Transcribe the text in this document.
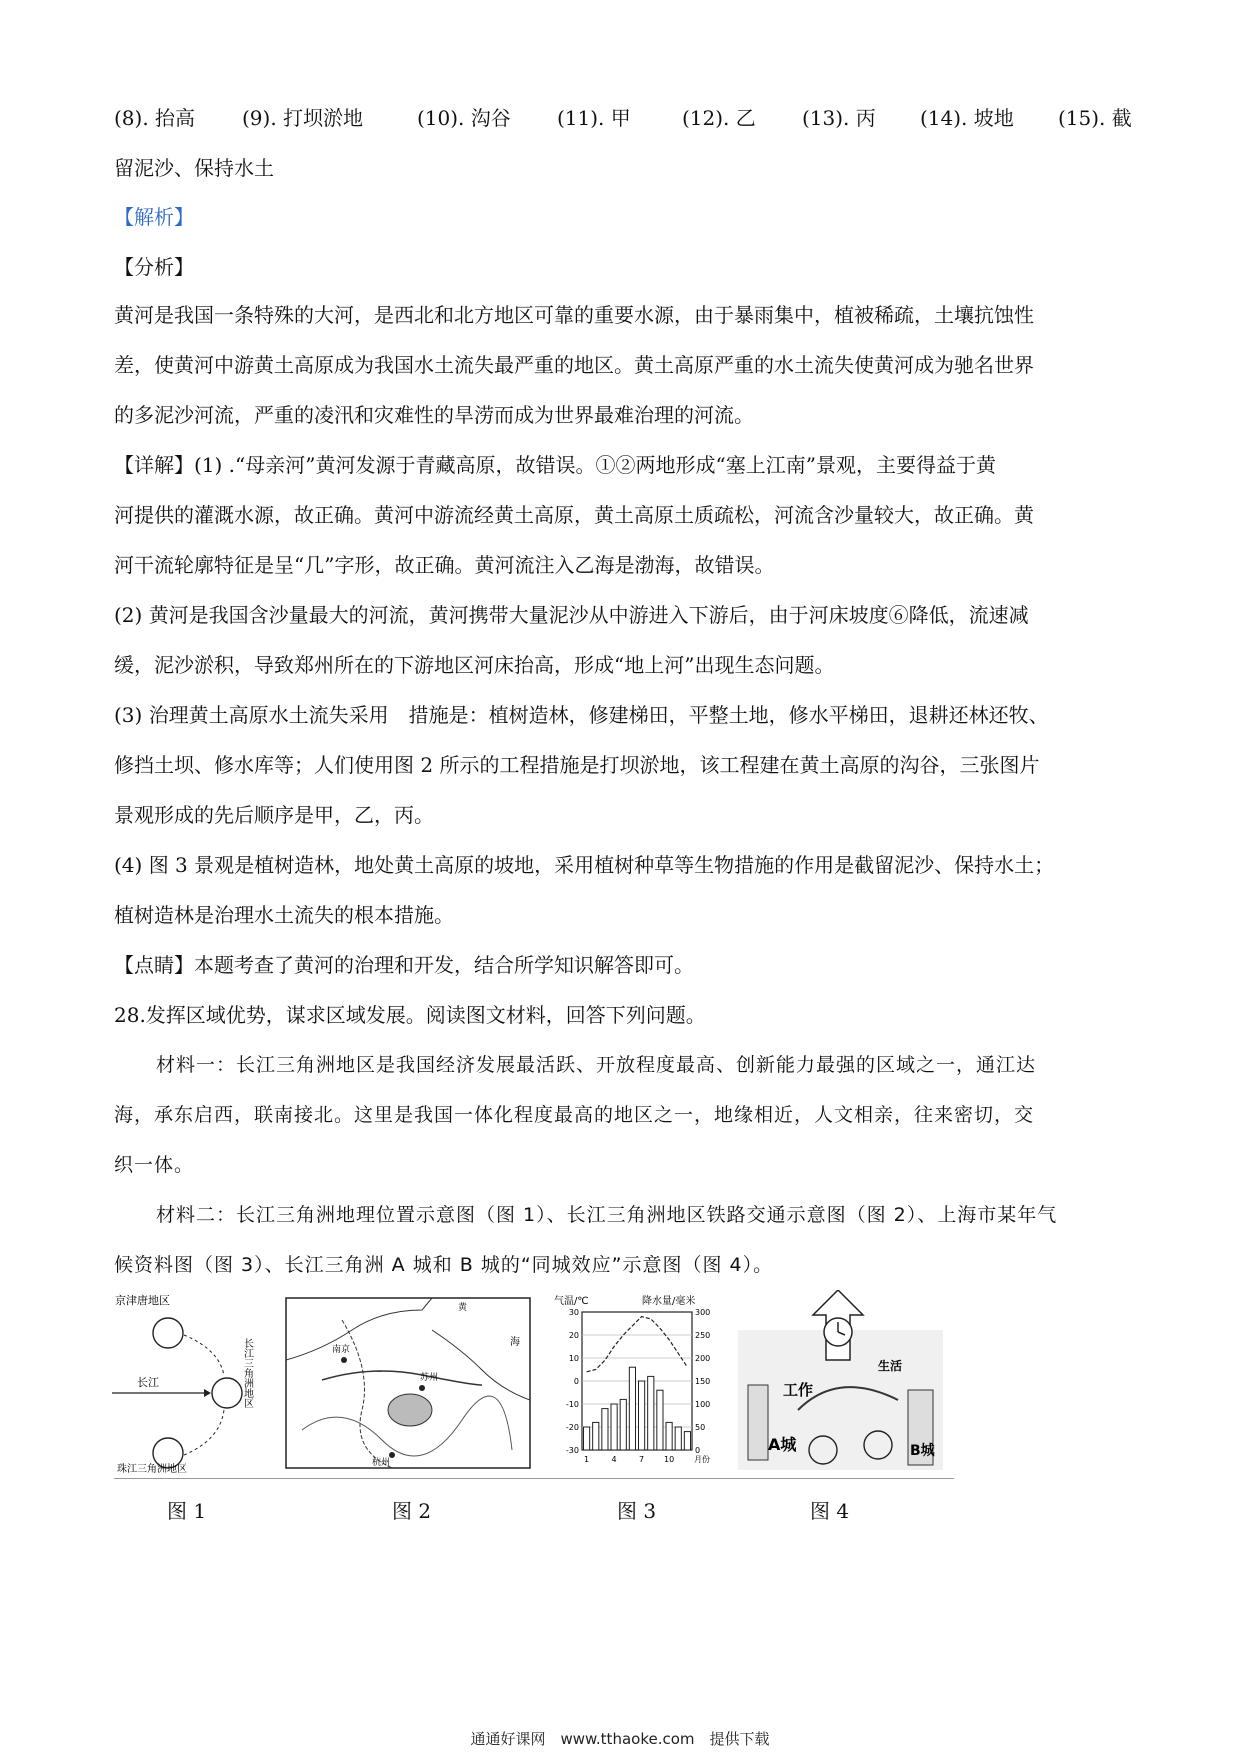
(8). 抬高 (9). 打坝淤地	(10). 沟谷 (11). 甲	(12). 乙 (13). 丙 (14). 坡地 (15). 截
留泥沙、保持水土
【解析】
【分析】
黄河是我国一条特殊的大河，是西北和北方地区可靠的重要水源，由于暴雨集中，植被稀疏，土壤抗蚀性
差，使黄河中游黄土高原成为我国水土流失最严重的地区。黄土高原严重的水土流失使黄河成为驰名世界
的多泥沙河流，严重的凌汛和灾难性的旱涝而成为世界最难治理的河流。
【详解】(1) .“母亲河”黄河发源于青藏高原，故错误。①②两地形成“塞上江南”景观，主要得益于黄
河提供的灌溉水源，故正确。黄河中游流经黄土高原，黄土高原土质疏松，河流含沙量较大，故正确。黄
河干流轮廓特征是呈“几”字形，故正确。黄河流注入乙海是渤海，故错误。
(2) 黄河是我国含沙量最大的河流，黄河携带大量泥沙从中游进入下游后，由于河床坡度⑥降低，流速减
缓，泥沙淤积，导致郑州所在的下游地区河床抬高，形成“地上河”出现生态问题。
(3) 治理黄土高原水土流失采用　措施是：植树造林，修建梯田，平整土地，修水平梯田，退耕还林还牧、
修挡土坝、修水库等；人们使用图 2 所示的工程措施是打坝淤地，该工程建在黄土高原的沟谷，三张图片
景观形成的先后顺序是甲，乙，丙。
(4) 图 3 景观是植树造林，地处黄土高原的坡地，采用植树种草等生物措施的作用是截留泥沙、保持水土；
植树造林是治理水土流失的根本措施。
【点睛】本题考查了黄河的治理和开发，结合所学知识解答即可。
28.发挥区域优势，谋求区域发展。阅读图文材料，回答下列问题。
材料一：长江三角洲地区是我国经济发展最活跃、开放程度最高、创新能力最强的区域之一，通江达
海，承东启西，联南接北。这里是我国一体化程度最高的地区之一，地缘相近，人文相亲，往来密切，交
织一体。
材料二：长江三角洲地理位置示意图（图 1）、长江三角洲地区铁路交通示意图（图 2）、上海市某年气
候资料图（图 3）、长江三角洲 A 城和 B 城的“同城效应”示意图（图 4）。
京津唐地区
长江	长江三角洲地区
珠江三角洲地区
南京
苏州
杭州
海
黄
气温/℃	降水量/毫米
30
20
10
0
-10
-20
-30
300
250
200
150
100
50
0
1	4	7 10 月份
工作
生活
A城	B城
图 1	图 2	图 3	图 4
通通好课网　www.tthaoke.com　提供下载
